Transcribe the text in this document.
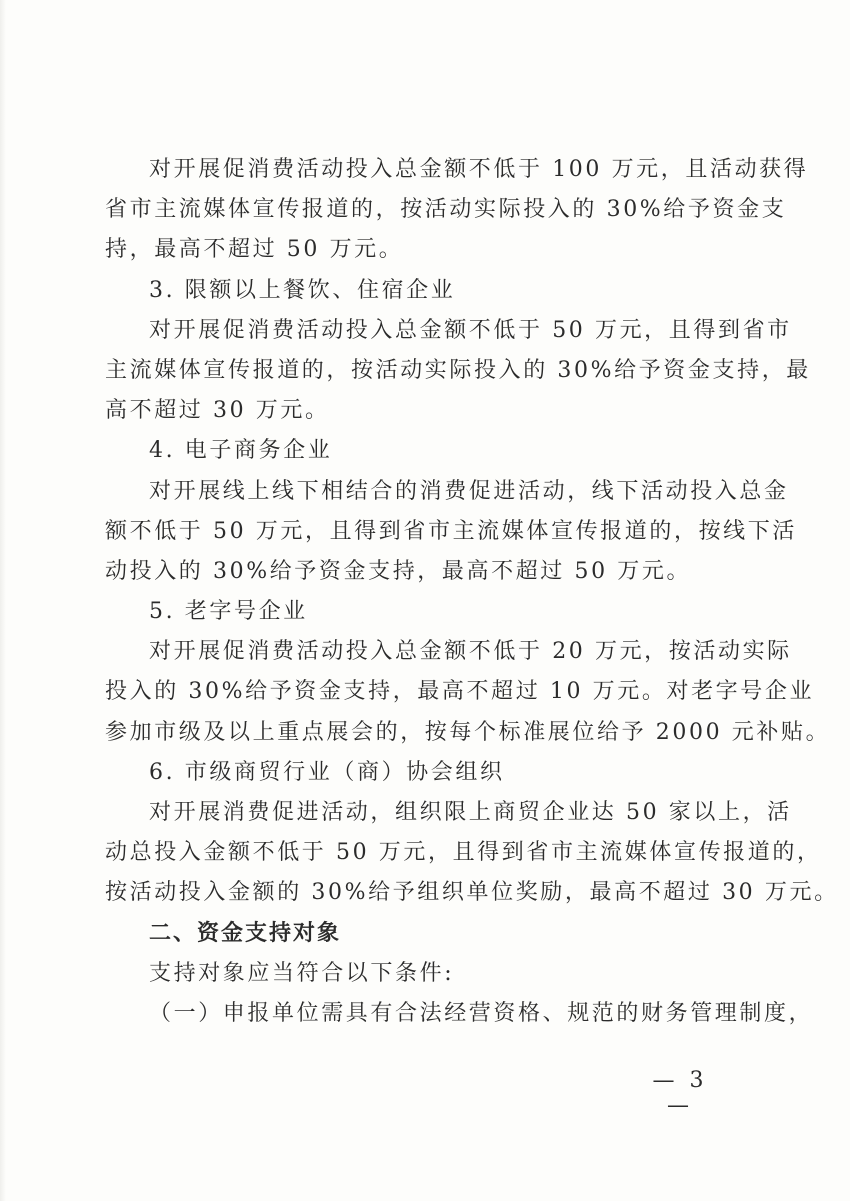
对开展促消费活动投入总金额不低于 100 万元，且活动获得
省市主流媒体宣传报道的，按活动实际投入的 30%给予资金支
持，最高不超过 50 万元。
3. 限额以上餐饮、住宿企业
对开展促消费活动投入总金额不低于 50 万元，且得到省市
主流媒体宣传报道的，按活动实际投入的 30%给予资金支持，最
高不超过 30 万元。
4. 电子商务企业
对开展线上线下相结合的消费促进活动，线下活动投入总金
额不低于 50 万元，且得到省市主流媒体宣传报道的，按线下活
动投入的 30%给予资金支持，最高不超过 50 万元。
5. 老字号企业
对开展促消费活动投入总金额不低于 20 万元，按活动实际
投入的 30%给予资金支持，最高不超过 10 万元。对老字号企业
参加市级及以上重点展会的，按每个标准展位给予 2000 元补贴。
6. 市级商贸行业（商）协会组织
对开展消费促进活动，组织限上商贸企业达 50 家以上，活
动总投入金额不低于 50 万元，且得到省市主流媒体宣传报道的，
按活动投入金额的 30%给予组织单位奖励，最高不超过 30 万元。
二、资金支持对象
支持对象应当符合以下条件:
（一）申报单位需具有合法经营资格、规范的财务管理制度，
— 3 —
